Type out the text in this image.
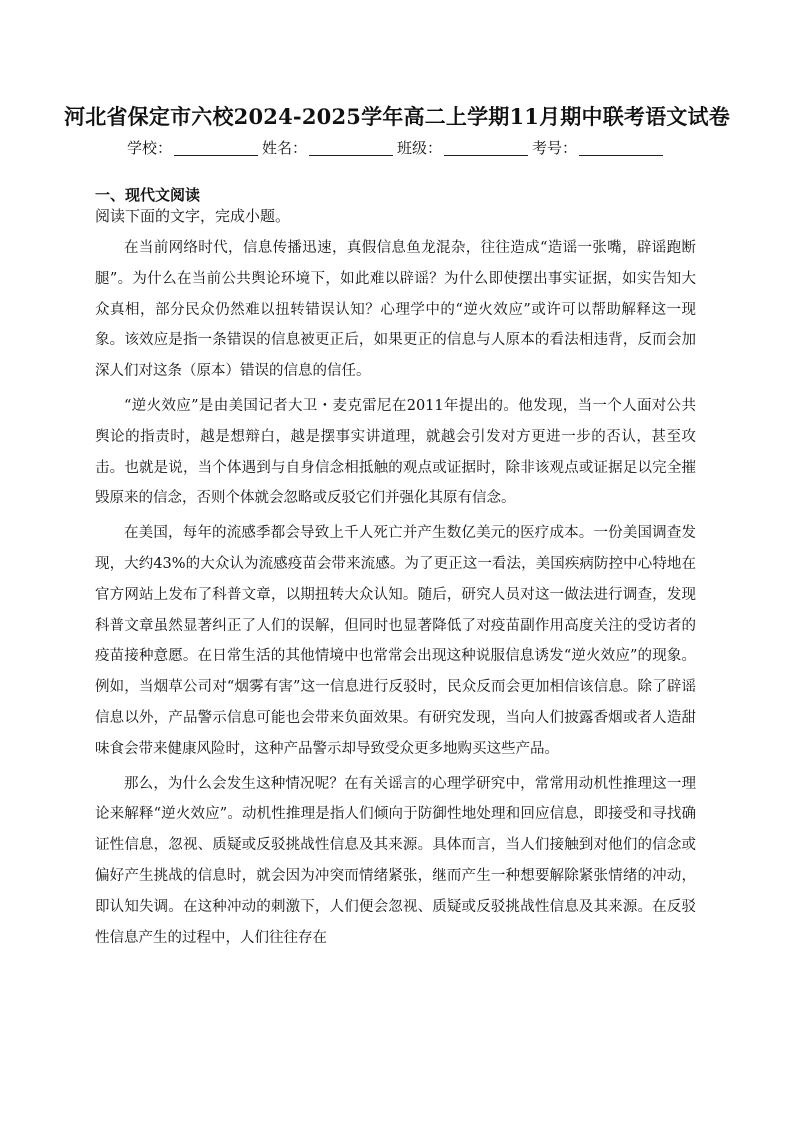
河北省保定市六校2024-2025学年高二上学期11月期中联考语文试卷
学校：	姓名：	班级：	考号：
一、现代文阅读
阅读下面的文字，完成小题。

在当前网络时代，信息传播迅速，真假信息鱼龙混杂，往往造成“造谣一张嘴，辟谣跑断腿”。为什么在当前公共舆论环境下，如此难以辟谣？为什么即使摆出事实证据，如实告知大众真相，部分民众仍然难以扭转错误认知？心理学中的“逆火效应”或许可以帮助解释这一现象。该效应是指一条错误的信息被更正后，如果更正的信息与人原本的看法相违背，反而会加深人们对这条（原本）错误的信息的信任。

“逆火效应”是由美国记者大卫・麦克雷尼在2011年提出的。他发现，当一个人面对公共舆论的指责时，越是想辩白，越是摆事实讲道理，就越会引发对方更进一步的否认，甚至攻击。也就是说，当个体遇到与自身信念相抵触的观点或证据时，除非该观点或证据足以完全摧毁原来的信念，否则个体就会忽略或反驳它们并强化其原有信念。

在美国，每年的流感季都会导致上千人死亡并产生数亿美元的医疗成本。一份美国调查发现，大约43%的大众认为流感疫苗会带来流感。为了更正这一看法，美国疾病防控中心特地在官方网站上发布了科普文章，以期扭转大众认知。随后，研究人员对这一做法进行调查，发现科普文章虽然显著纠正了人们的误解，但同时也显著降低了对疫苗副作用高度关注的受访者的疫苗接种意愿。在日常生活的其他情境中也常常会出现这种说服信息诱发“逆火效应”的现象。例如，当烟草公司对“烟雾有害”这一信息进行反驳时，民众反而会更加相信该信息。除了辟谣信息以外，产品警示信息可能也会带来负面效果。有研究发现，当向人们披露香烟或者人造甜味食会带来健康风险时，这种产品警示却导致受众更多地购买这些产品。

那么，为什么会发生这种情况呢？在有关谣言的心理学研究中，常常用动机性推理这一理论来解释“逆火效应”。动机性推理是指人们倾向于防御性地处理和回应信息，即接受和寻找确证性信息，忽视、质疑或反驳挑战性信息及其来源。具体而言，当人们接触到对他们的信念或偏好产生挑战的信息时，就会因为冲突而情绪紧张，继而产生一种想要解除紧张情绪的冲动，即认知失调。在这种冲动的刺激下，人们便会忽视、质疑或反驳挑战性信息及其来源。在反驳性信息产生的过程中，人们往往存在
